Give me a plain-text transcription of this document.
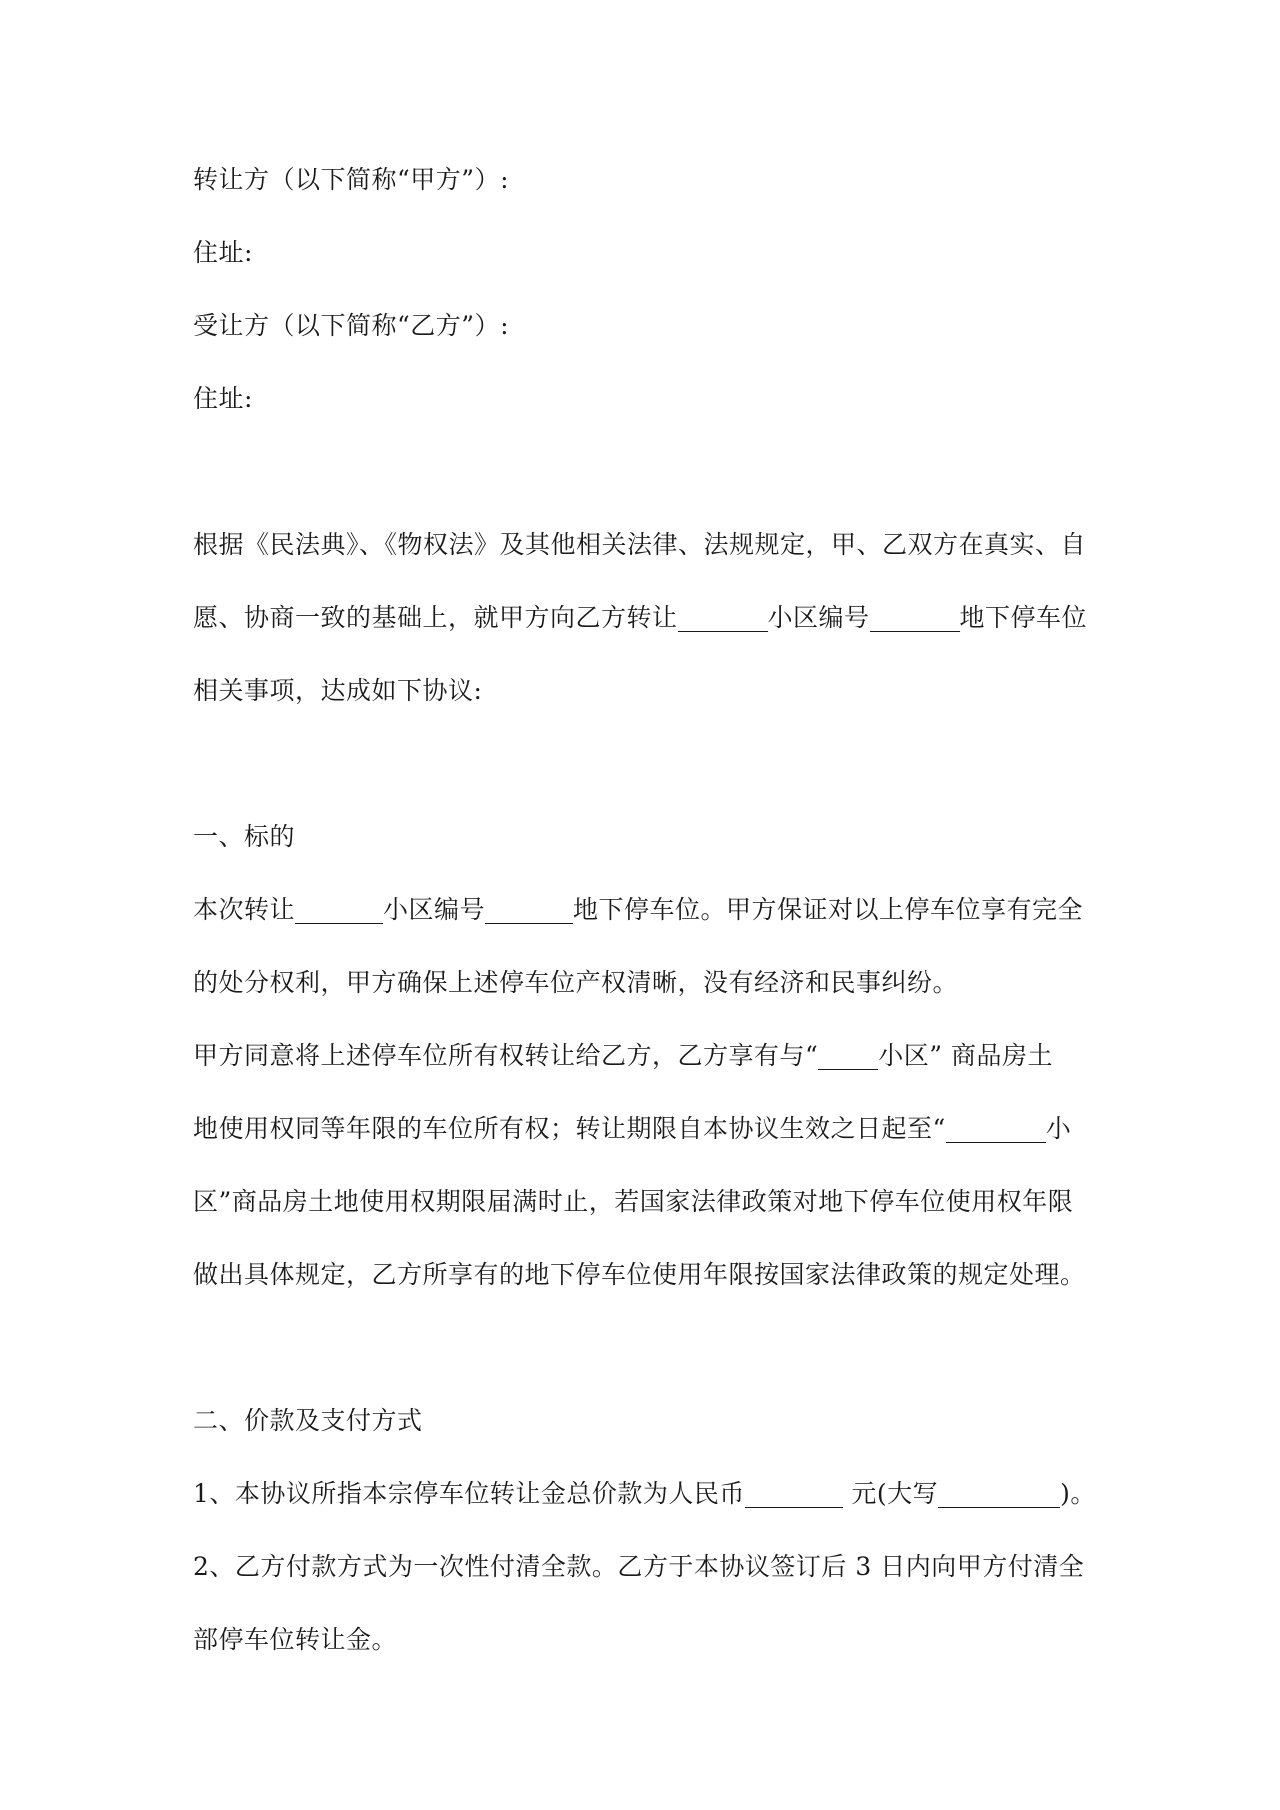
转让方（以下简称“甲方”）:

住址:

受让方（以下简称“乙方”）:

住址:

根据《民法典》、《物权法》及其他相关法律、法规规定，甲、乙双方在真实、自

愿、协商一致的基础上，就甲方向乙方转让	小区编号	地下停车位

相关事项，达成如下协议:

一、标的

本次转让	小区编号	地下停车位。甲方保证对以上停车位享有完全

的处分权利，甲方确保上述停车位产权清晰，没有经济和民事纠纷。

甲方同意将上述停车位所有权转让给乙方，乙方享有与“ 小区” 商品房土

地使用权同等年限的车位所有权；转让期限自本协议生效之日起至“	小

区”商品房土地使用权期限届满时止，若国家法律政策对地下停车位使用权年限

做出具体规定，乙方所享有的地下停车位使用年限按国家法律政策的规定处理。

二、价款及支付方式

1、本协议所指本宗停车位转让金总价款为人民币	元(大写	)。

2、乙方付款方式为一次性付清全款。乙方于本协议签订后 3 日内向甲方付清全

部停车位转让金。
